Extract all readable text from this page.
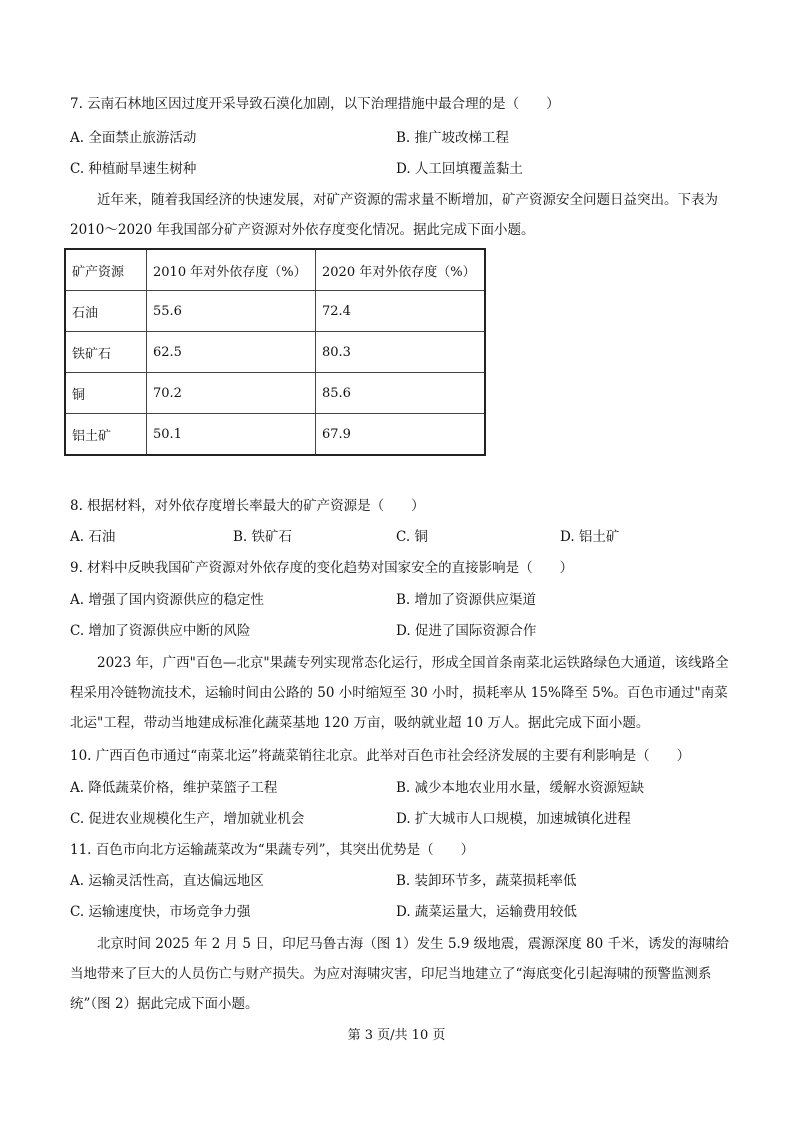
7. 云南石林地区因过度开采导致石漠化加剧，以下治理措施中最合理的是（　　）
A. 全面禁止旅游活动	B. 推广坡改梯工程
C. 种植耐旱速生树种	D. 人工回填覆盖黏土
近年来，随着我国经济的快速发展，对矿产资源的需求量不断增加，矿产资源安全问题日益突出。下表为 2010～2020 年我国部分矿产资源对外依存度变化情况。据此完成下面小题。
矿产资源	2010 年对外依存度（%）	2020 年对外依存度（%）
石油	55.6	72.4
铁矿石	62.5	80.3
铜	70.2	85.6
铝土矿	50.1	67.9
8. 根据材料，对外依存度增长率最大的矿产资源是（　　）
A. 石油	B. 铁矿石	C. 铜	D. 铝土矿
9. 材料中反映我国矿产资源对外依存度的变化趋势对国家安全的直接影响是（　　）
A. 增强了国内资源供应的稳定性	B. 增加了资源供应渠道
C. 增加了资源供应中断的风险	D. 促进了国际资源合作
2023 年，广西"百色—北京"果蔬专列实现常态化运行，形成全国首条南菜北运铁路绿色大通道，该线路全程采用冷链物流技术，运输时间由公路的 50 小时缩短至 30 小时，损耗率从 15%降至 5%。百色市通过"南菜北运"工程，带动当地建成标准化蔬菜基地 120 万亩，吸纳就业超 10 万人。据此完成下面小题。
10. 广西百色市通过“南菜北运”将蔬菜销往北京。此举对百色市社会经济发展的主要有利影响是（　　）
A. 降低蔬菜价格，维护菜篮子工程	B. 减少本地农业用水量，缓解水资源短缺
C. 促进农业规模化生产，增加就业机会	D. 扩大城市人口规模，加速城镇化进程
11. 百色市向北方运输蔬菜改为“果蔬专列”，其突出优势是（　　）
A. 运输灵活性高，直达偏远地区	B. 装卸环节多，蔬菜损耗率低
C. 运输速度快，市场竞争力强	D. 蔬菜运量大，运输费用较低
北京时间 2025 年 2 月 5 日，印尼马鲁古海（图 1）发生 5.9 级地震，震源深度 80 千米，诱发的海啸给当地带来了巨大的人员伤亡与财产损失。为应对海啸灾害，印尼当地建立了“海底变化引起海啸的预警监测系统”（图 2）据此完成下面小题。
第 3 页/共 10 页
